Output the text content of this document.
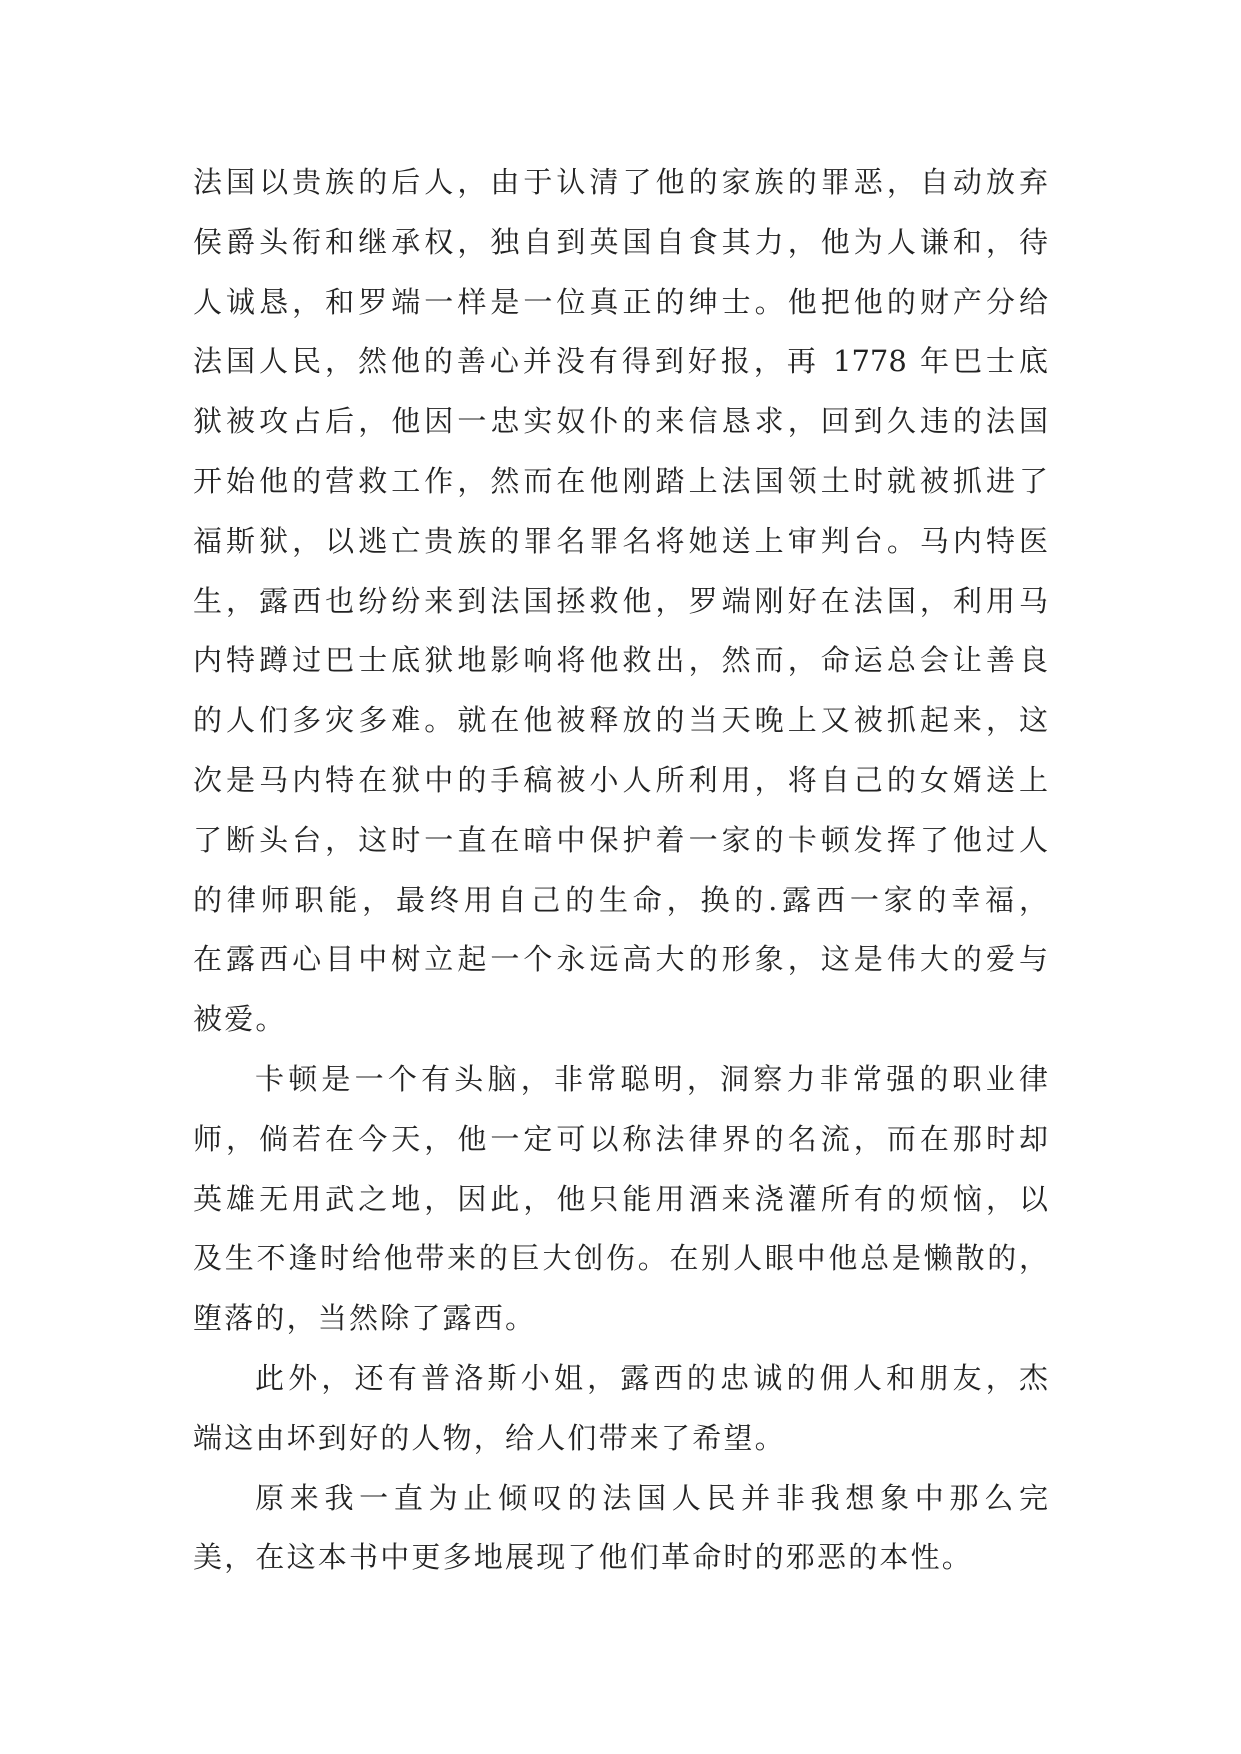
法国以贵族的后人，由于认清了他的家族的罪恶，自动放弃
侯爵头衔和继承权，独自到英国自食其力，他为人谦和，待
人诚恳，和罗端一样是一位真正的绅士。他把他的财产分给
法国人民，然他的善心并没有得到好报，再 1778 年巴士底
狱被攻占后，他因一忠实奴仆的来信恳求，回到久违的法国
开始他的营救工作，然而在他刚踏上法国领土时就被抓进了
福斯狱，以逃亡贵族的罪名罪名将她送上审判台。马内特医
生，露西也纷纷来到法国拯救他，罗端刚好在法国，利用马
内特蹲过巴士底狱地影响将他救出，然而，命运总会让善良
的人们多灾多难。就在他被释放的当天晚上又被抓起来，这
次是马内特在狱中的手稿被小人所利用，将自己的女婿送上
了断头台，这时一直在暗中保护着一家的卡顿发挥了他过人
的律师职能，最终用自己的生命，换的.露西一家的幸福，
在露西心目中树立起一个永远高大的形象，这是伟大的爱与
被爱。
卡顿是一个有头脑，非常聪明，洞察力非常强的职业律
师，倘若在今天，他一定可以称法律界的名流，而在那时却
英雄无用武之地，因此，他只能用酒来浇灌所有的烦恼，以
及生不逢时给他带来的巨大创伤。在别人眼中他总是懒散的，
堕落的，当然除了露西。
此外，还有普洛斯小姐，露西的忠诚的佣人和朋友，杰
端这由坏到好的人物，给人们带来了希望。
原来我一直为止倾叹的法国人民并非我想象中那么完
美，在这本书中更多地展现了他们革命时的邪恶的本性。
